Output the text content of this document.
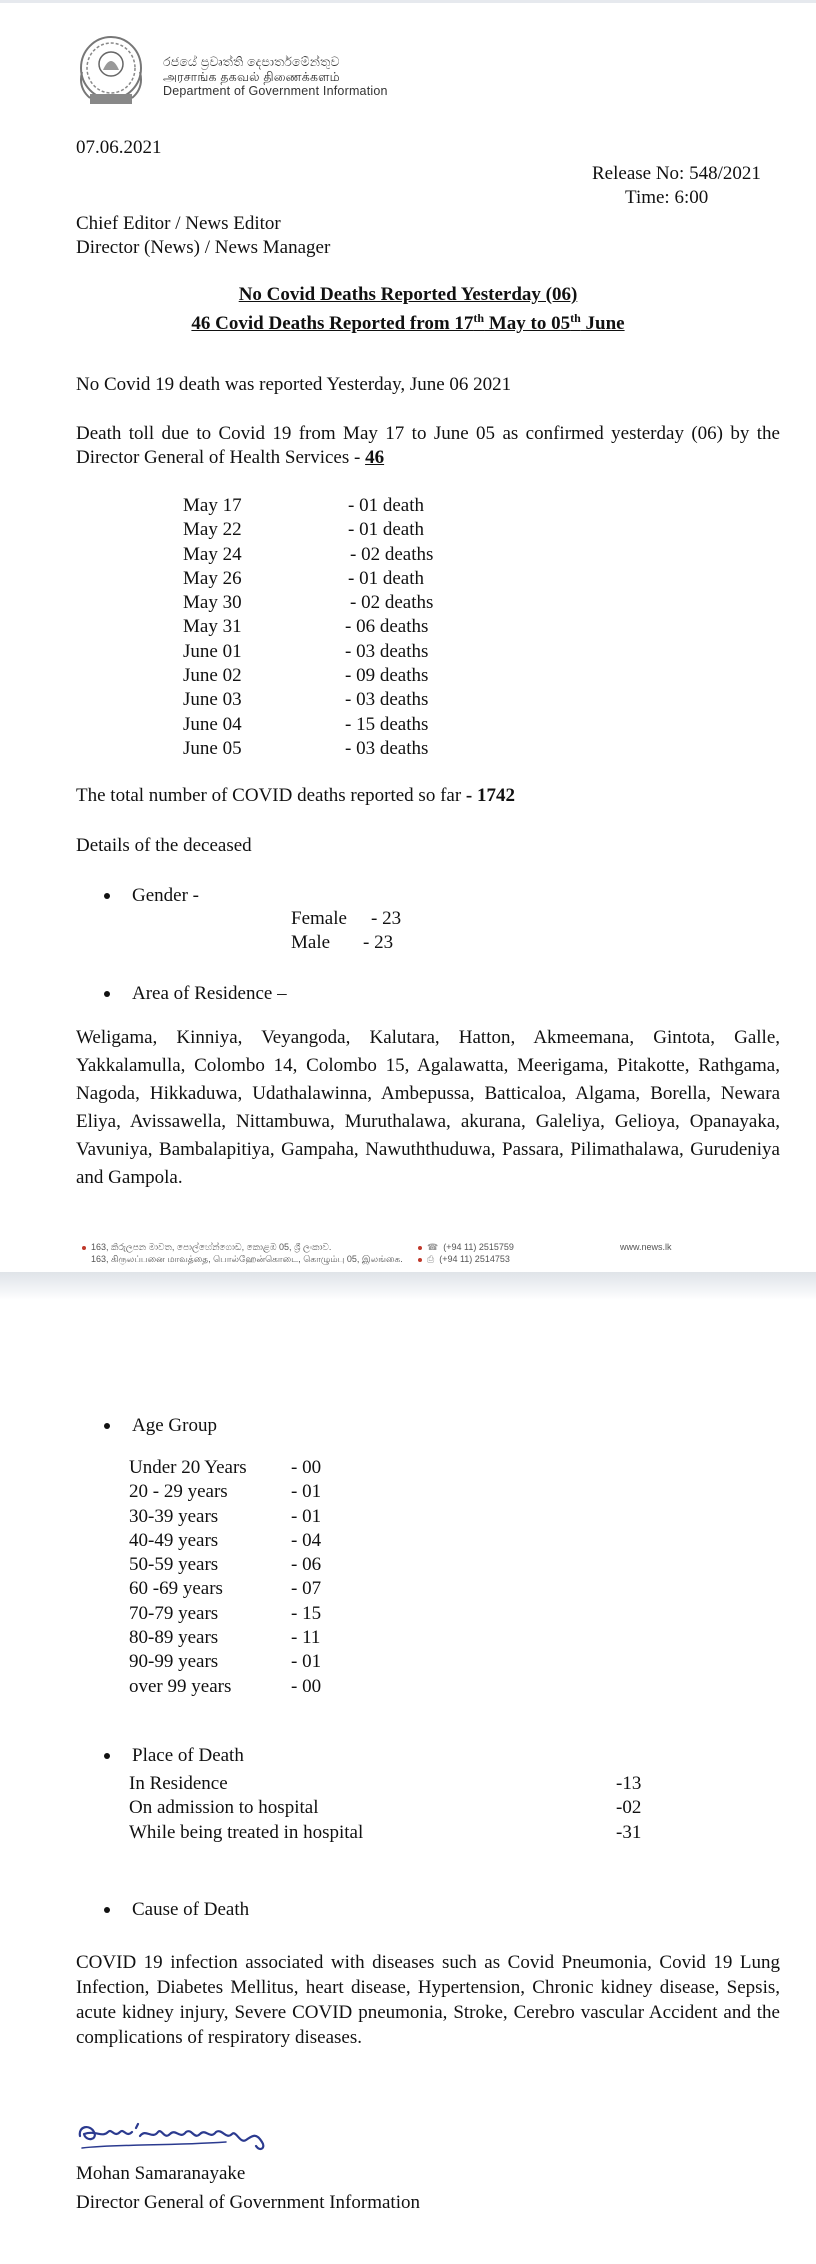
රජයේ ප්‍රවෘත්ති දෙපාර්තමේන්තුව
அரசாங்க தகவல் திணைக்களம்
Department of Government Information
07.06.2021
Release No: 548/2021
Time: 6:00
Chief Editor / News Editor
Director (News) / News Manager
No Covid Deaths Reported Yesterday (06)
46 Covid Deaths Reported from 17th May to 05th June
No Covid 19 death was reported Yesterday, June 06 2021
Death toll due to Covid 19 from May 17 to June 05 as confirmed yesterday (06) by the Director General of Health Services - 46
May 17	- 01 death
May 22	- 01 death
May 24	- 02 deaths
May 26	- 01 death
May 30	- 02 deaths
May 31	- 06 deaths
June 01	- 03 deaths
June 02	- 09 deaths
June 03	- 03 deaths
June 04	- 15 deaths
June 05	- 03 deaths
The total number of COVID deaths reported so far - 1742
Details of the deceased
Gender -
Female	- 23
Male	- 23
Area of Residence –
Weligama, Kinniya, Veyangoda, Kalutara, Hatton, Akmeemana, Gintota, Galle, Yakkalamulla, Colombo 14, Colombo 15, Agalawatta, Meerigama, Pitakotte, Rathgama, Nagoda, Hikkaduwa, Udathalawinna, Ambepussa, Batticaloa, Algama, Borella, Newara Eliya, Avissawella, Nittambuwa, Muruthalawa, akurana, Galeliya, Gelioya, Opanayaka, Vavuniya, Bambalapitiya, Gampaha, Nawuththuduwa, Passara, Pilimathalawa, Gurudeniya and Gampola.
163, කිරුලපන මාවත, පොල්හේන්ගොඩ, කොළඹ 05, ශ්‍රී ලංකාව.
163, கிருலப்பனை மாவத்தை, பொல்ஹேன்கொடை, கொழும்பு 05, இலங்கை.
☎  (+94 11) 2515759
⎙  (+94 11) 2514753
www.news.lk
Age Group
Under 20 Years	- 00
20 - 29 years	- 01
30-39 years	- 01
40-49 years	- 04
50-59 years	- 06
60 -69 years	- 07
70-79 years	- 15
80-89 years	- 11
90-99 years	- 01
over 99 years	- 00
Place of Death
In Residence	-13
On admission to hospital	-02
While being treated in hospital	-31
Cause of Death
COVID 19 infection associated with diseases such as Covid Pneumonia, Covid 19 Lung Infection, Diabetes Mellitus, heart disease, Hypertension, Chronic kidney disease, Sepsis, acute kidney injury, Severe COVID pneumonia, Stroke, Cerebro vascular Accident and the complications of respiratory diseases.
Mohan Samaranayake
Director General of Government Information
